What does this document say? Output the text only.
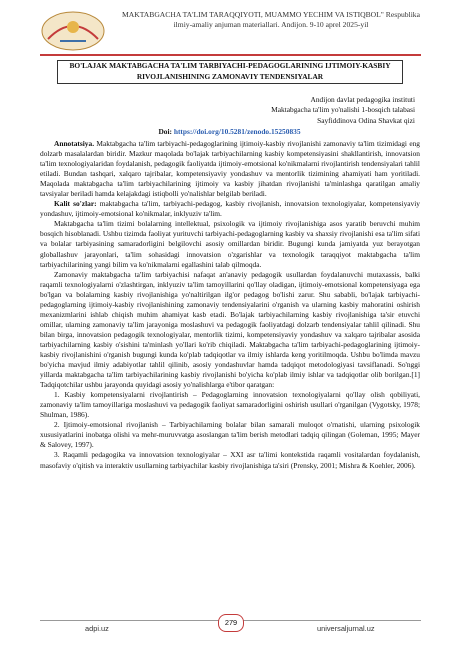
MAKTABGACHA TA'LIM TARAQQIYOTI, MUAMMO YECHIM VA ISTIQBOL" Respublika ilmiy-amaliy anjuman materiallari. Andijon. 9-10 aprel 2025-yil
BO'LAJAK MAKTABGACHA TA'LIM TARBIYACHI-PEDAGOGLARINING IJTIMOIY-KASBIY RIVOJLANISHINING ZAMONAVIY TENDENSIYALAR
Andijon davlat pedagogika instituti
Maktabgacha ta'lim yo'nalishi 1-bosqich talabasi
Sayfiddinova Odina Shavkat qizi
Doi: https://doi.org/10.5281/zenodo.15250835

Annotatsiya. Maktabgacha ta'lim tarbiyachi-pedagoglarining ijtimoiy-kasbiy rivojlanishi zamonaviy ta'lim tizimidagi eng dolzarb masalalardan biridir. Mazkur maqolada bo'lajak tarbiyachilarning kasbiy kompetensiyasini shakllantirish, innovatsion ta'lim texnologiyalaridan foydalanish, pedagogik faoliyatda ijtimoiy-emotsional ko'nikmalarni rivojlantirish tendensiyalari tahlil etiladi. Bundan tashqari, xalqaro tajribalar, kompetensiyaviy yondashuv va mentorlik tizimining ahamiyati ham yoritiladi. Maqolada maktabgacha ta'lim tarbiyachilarining ijtimoiy va kasbiy jihatdan rivojlanishi ta'minlashga qaratilgan amaliy tavsiyalar beriladi hamda kelajakdagi istiqbolli yo'nalishlar belgilab beriladi.

Kalit so'zlar: maktabgacha ta'lim, tarbiyachi-pedagog, kasbiy rivojlanish, innovatsion texnologiyalar, kompetensiyaviy yondashuv, ijtimoiy-emotsional ko'nikmalar, inklyuziv ta'lim.

Maktabgacha ta'lim tizimi bolalarning intellektual, psixologik va ijtimoiy rivojlanishiga asos yaratib beruvchi muhim bosqich hisoblanadi. Ushbu tizimda faoliyat yurituvchi tarbiyachi-pedagoglarning kasbiy va shaxsiy rivojlanishi esa ta'lim sifati va bolalar tarbiyasining samaradorligini belgilovchi asosiy omillardan biridir. Bugungi kunda jamiyatda yuz berayotgan globallashuv jarayonlari, ta'lim sohasidagi innovatsion o'zgarishlar va texnologik taraqqiyot maktabgacha ta'lim tarbiyachilarining yangi bilim va ko'nikmalarni egallashini talab qilmoqda.

Zamonaviy maktabgacha ta'lim tarbiyachisi nafaqat an'anaviy pedagogik usullardan foydalanuvchi mutaxassis, balki raqamli texnologiyalarni o'zlashtirgan, inklyuziv ta'lim tamoyillarini qo'llay oladigan, ijtimoiy-emotsional kompetensiyaga ega bo'lgan va bolalarning kasbiy rivojlanishiga yo'naltirilgan ilg'or pedagog bo'lishi zarur. Shu sababli, bo'lajak tarbiyachi-pedagoglarning ijtimoiy-kasbiy rivojlanishining zamonaviy tendensiyalarini o'rganish va ularning kasbiy mahoratini oshirish mexanizmlarini ishlab chiqish muhim ahamiyat kasb etadi. Bo'lajak tarbiyachilarning kasbiy rivojlanishiga ta'sir etuvchi omillar, ularning zamonaviy ta'lim jarayoniga moslashuvi va pedagogik faoliyatdagi dolzarb tendensiyalar tahlil qilinadi. Shu bilan birga, innovatsion pedagogik texnologiyalar, mentorlik tizimi, kompetensiyaviy yondashuv va xalqaro tajribalar asosida tarbiyachilarning kasbiy o'sishini ta'minlash yo'llari ko'rib chiqiladi. Maktabgacha ta'lim tarbiyachi-pedagoglarining ijtimoiy-kasbiy rivojlanishini o'rganish bugungi kunda ko'plab tadqiqotlar va ilmiy ishlarda keng yoritilmoqda. Ushbu bo'limda mavzu bo'yicha mavjud ilmiy adabiyotlar tahlil qilinib, asosiy yondashuvlar hamda tadqiqot metodologiyasi tavsiflanadi. So'nggi yillarda maktabgacha ta'lim tarbiyachilarining kasbiy rivojlanishi bo'yicha ko'plab ilmiy ishlar va tadqiqotlar olib borilgan.[1] Tadqiqotchilar ushbu jarayonda quyidagi asosiy yo'nalishlarga e'tibor qaratgan:

1. Kasbiy kompetensiyalarni rivojlantirish – Pedagoglarning innovatsion texnologiyalarni qo'llay olish qobiliyati, zamonaviy ta'lim tamoyillariga moslashuvi va pedagogik faoliyat samaradorligini oshirish usullari o'rganilgan (Vygotsky, 1978; Shulman, 1986).

2. Ijtimoiy-emotsional rivojlanish – Tarbiyachilarning bolalar bilan samarali muloqot o'rnatishi, ularning psixologik xususiyatlarini inobatga olishi va mehr-muruvvatga asoslangan ta'lim berish metodlari tadqiq qilingan (Goleman, 1995; Mayer & Salovey, 1997).

3. Raqamli pedagogika va innovatsion texnologiyalar – XXI asr ta'limi kontekstida raqamli vositalardan foydalanish, masofaviy o'qitish va interaktiv usullarning tarbiyachilar kasbiy rivojlanishiga ta'siri (Prensky, 2001; Mishra & Koehler, 2006).

adpi.uz
279
universaljurnal.uz
